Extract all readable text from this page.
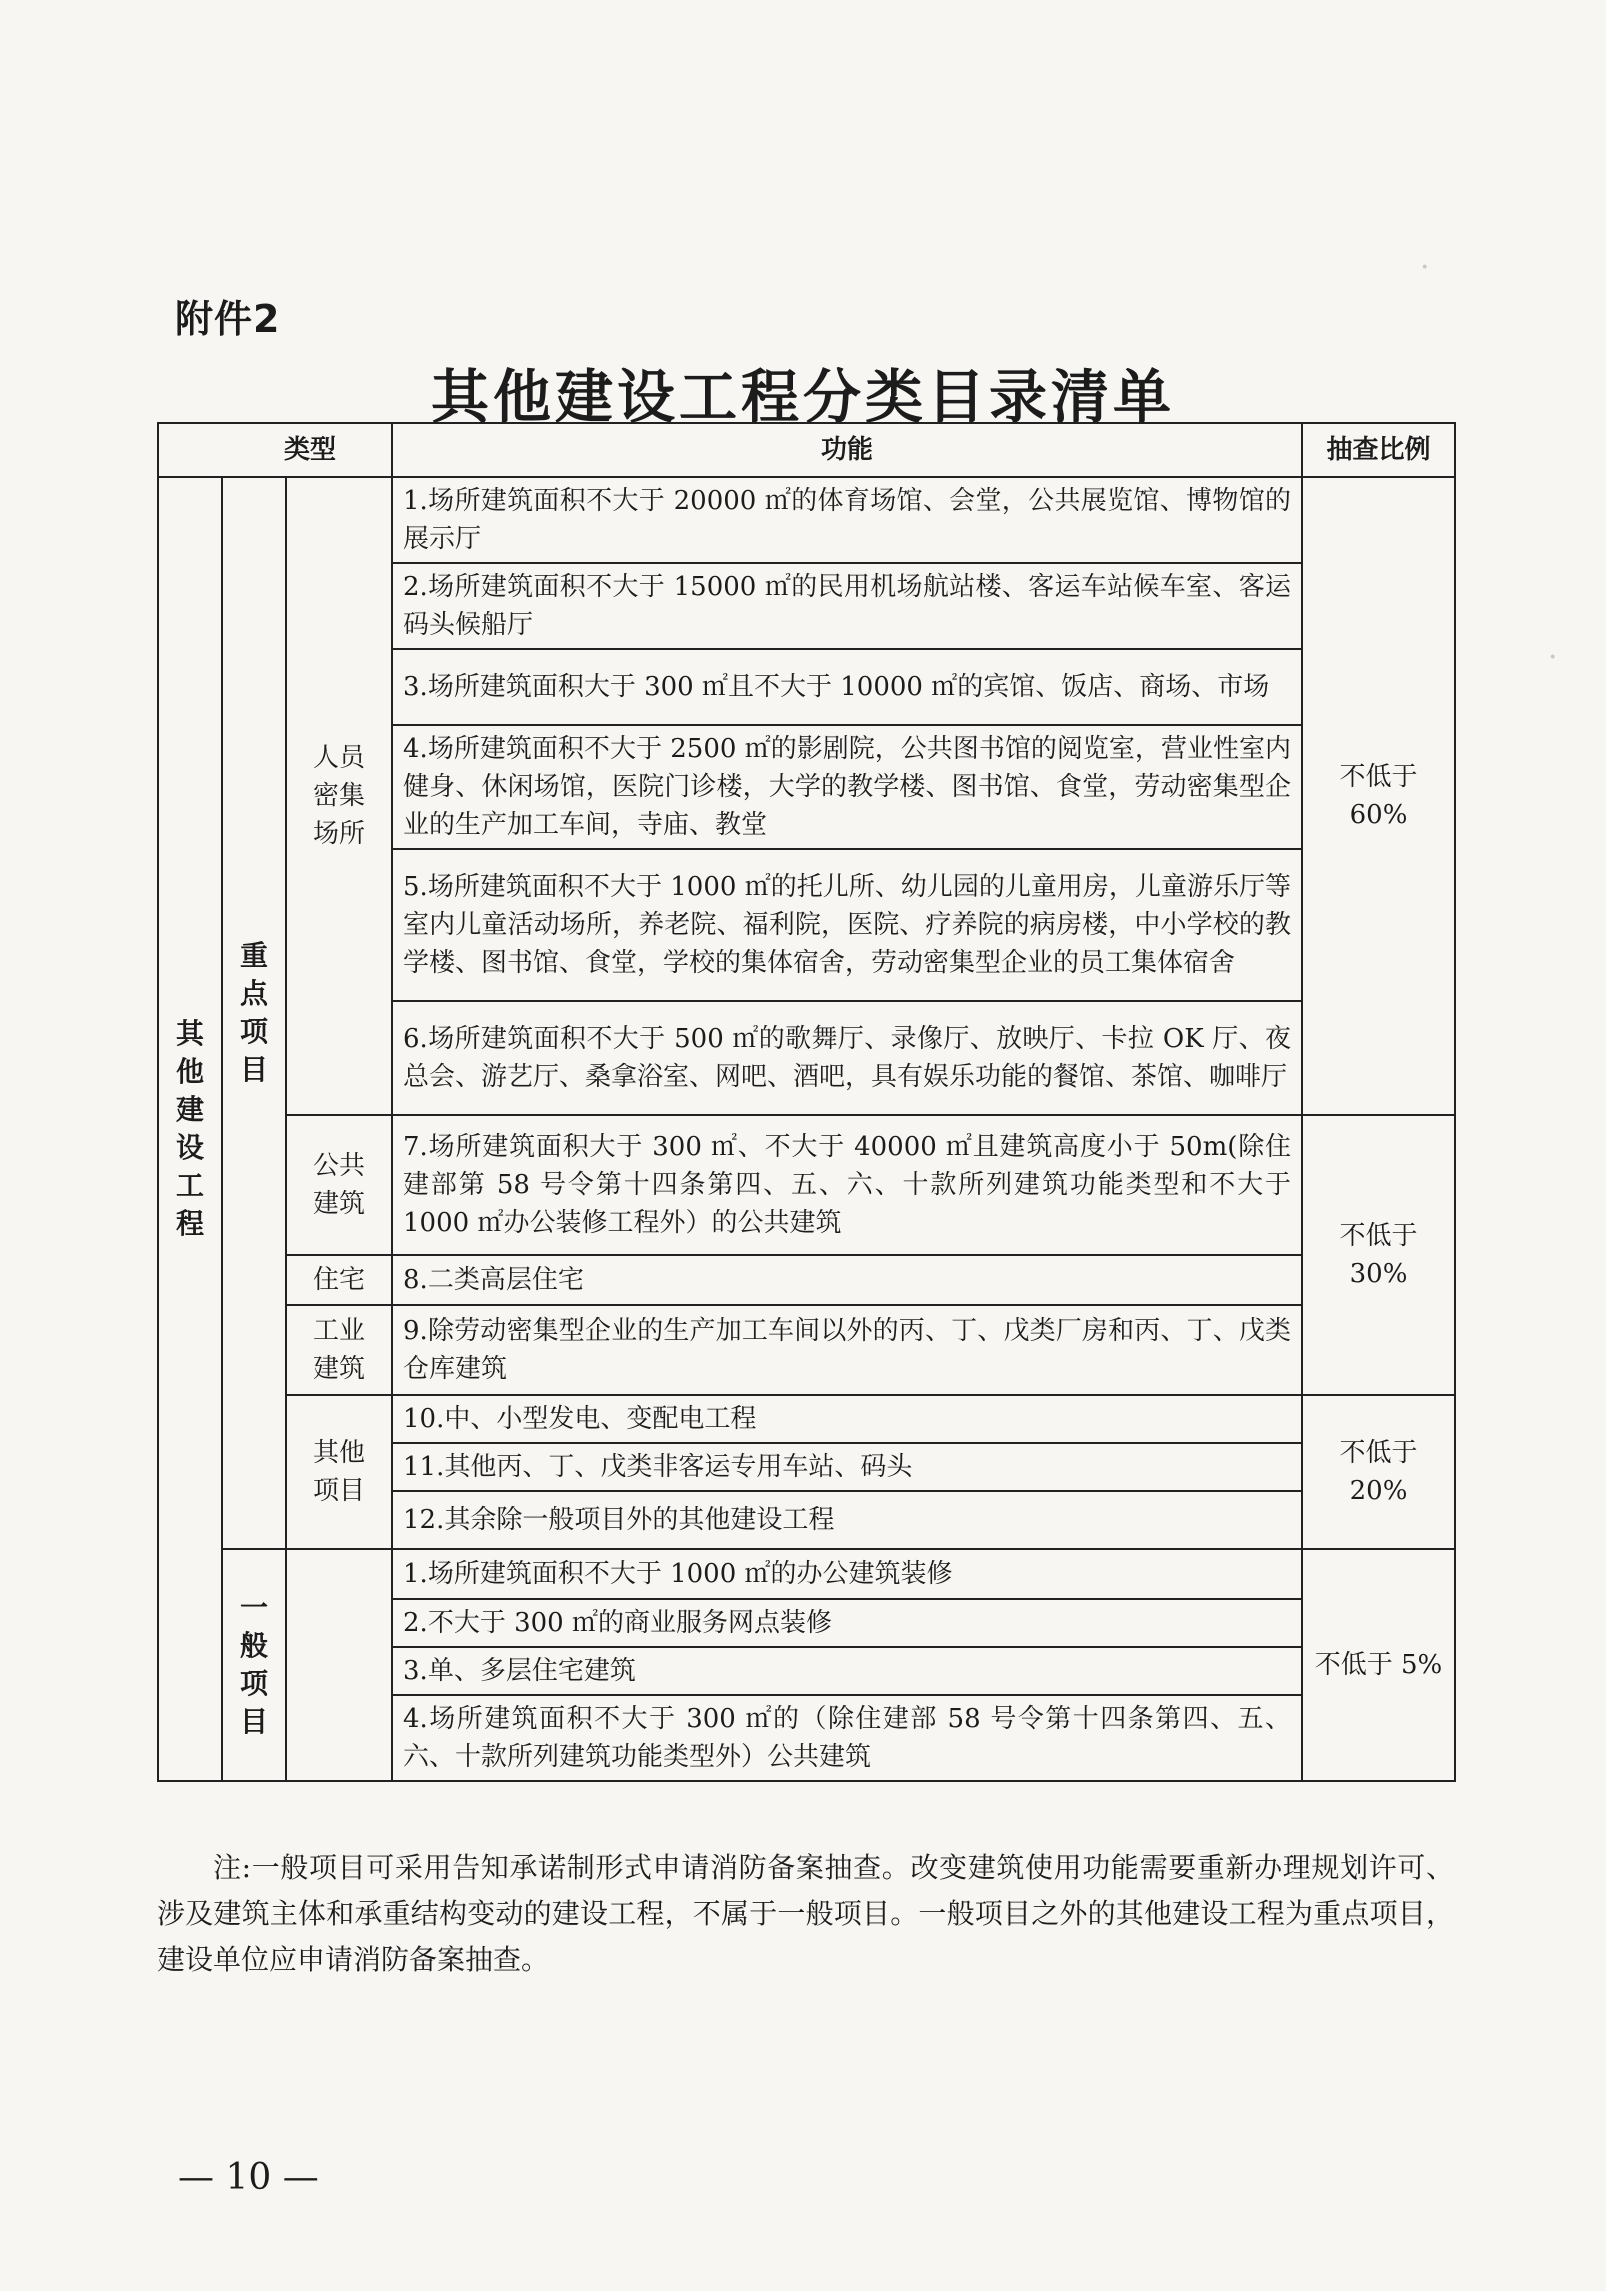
·
·
附件2
其他建设工程分类目录清单
类型			功能	抽查比例
其他建设工程	重点项目	人员密集场所	1.场所建筑面积不大于 20000 ㎡的体育场馆、会堂，公共展览馆、博物馆的展示厅	不低于60%
			2.场所建筑面积不大于 15000 ㎡的民用机场航站楼、客运车站候车室、客运码头候船厅	
			3.场所建筑面积大于 300 ㎡且不大于 10000 ㎡的宾馆、饭店、商场、市场	
			4.场所建筑面积不大于 2500 ㎡的影剧院，公共图书馆的阅览室，营业性室内健身、休闲场馆，医院门诊楼，大学的教学楼、图书馆、食堂，劳动密集型企业的生产加工车间，寺庙、教堂	
			5.场所建筑面积不大于 1000 ㎡的托儿所、幼儿园的儿童用房，儿童游乐厅等室内儿童活动场所，养老院、福利院，医院、疗养院的病房楼，中小学校的教学楼、图书馆、食堂，学校的集体宿舍，劳动密集型企业的员工集体宿舍	
			6.场所建筑面积不大于 500 ㎡的歌舞厅、录像厅、放映厅、卡拉 OK 厅、夜总会、游艺厅、桑拿浴室、网吧、酒吧，具有娱乐功能的餐馆、茶馆、咖啡厅	
		公共建筑	7.场所建筑面积大于 300 ㎡、不大于 40000 ㎡且建筑高度小于 50m(除住建部第 58 号令第十四条第四、五、六、十款所列建筑功能类型和不大于 1000 ㎡办公装修工程外）的公共建筑	不低于30%
		住宅	8.二类高层住宅	
		工业建筑	9.除劳动密集型企业的生产加工车间以外的丙、丁、戊类厂房和丙、丁、戊类仓库建筑	
		其他项目	10.中、小型发电、变配电工程	不低于20%
			11.其他丙、丁、戊类非客运专用车站、码头	
			12.其余除一般项目外的其他建设工程	
	一般项目		1.场所建筑面积不大于 1000 ㎡的办公建筑装修	不低于 5%
			2.不大于 300 ㎡的商业服务网点装修	
			3.单、多层住宅建筑	
			4.场所建筑面积不大于 300 ㎡的（除住建部 58 号令第十四条第四、五、六、十款所列建筑功能类型外）公共建筑	
注:一般项目可采用告知承诺制形式申请消防备案抽查。改变建筑使用功能需要重新办理规划许可、涉及建筑主体和承重结构变动的建设工程，不属于一般项目。一般项目之外的其他建设工程为重点项目，建设单位应申请消防备案抽查。
— 10 —
